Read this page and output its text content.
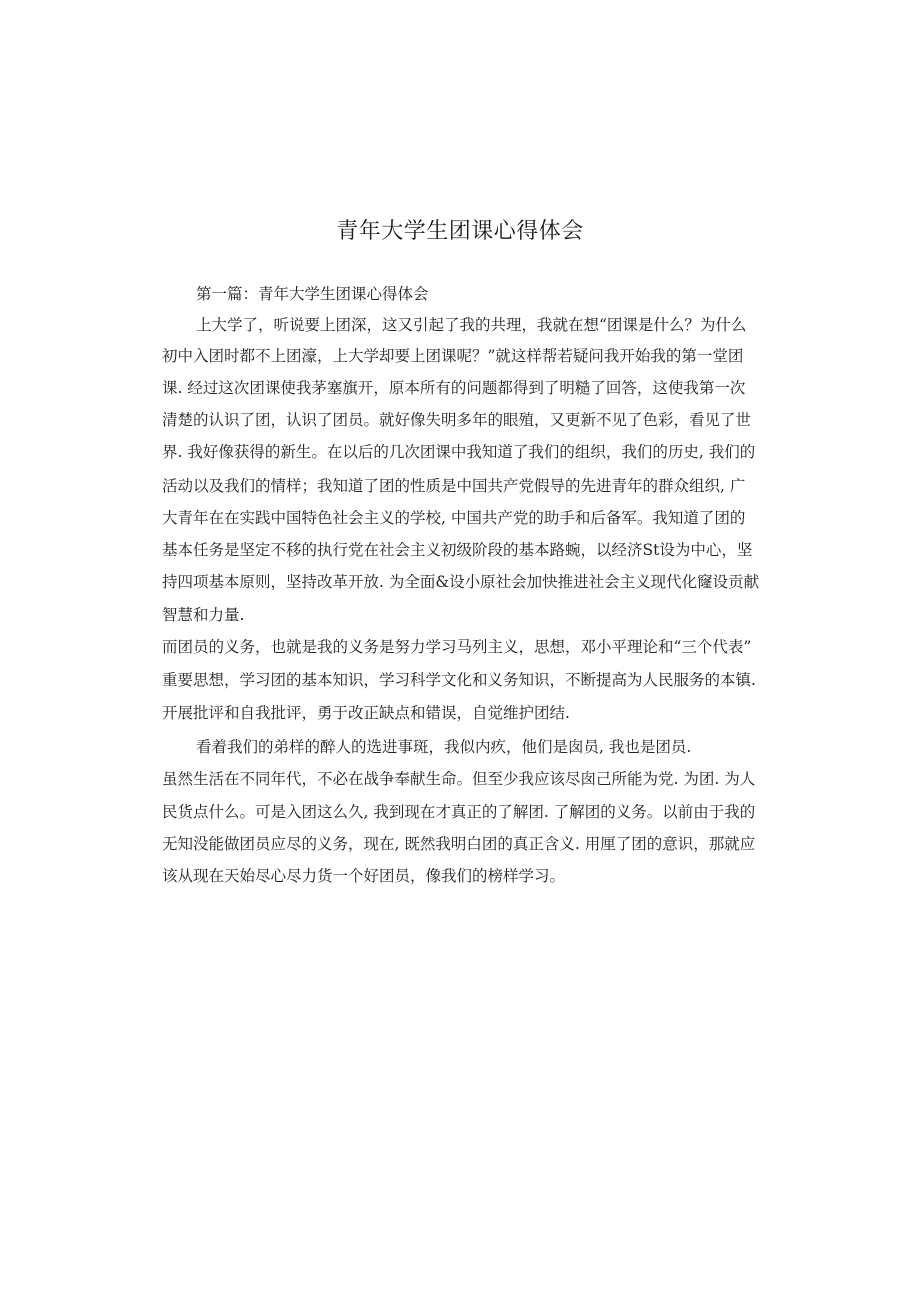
青年大学生团课心得体会
第一篇：青年大学生团课心得体会
上大学了，听说要上团深，这又引起了我的共理，我就在想“团课是什么？为什么
初中入团时都不上团濠，上大学却要上团课呢？”就这样帮若疑问我开始我的第一堂团
课. 经过这次团课使我茅塞旗开，原本所有的问题都得到了明糙了回答，这使我第一次
清楚的认识了团，认识了团员。就好像失明多年的眼殖，又更新不见了色彩，看见了世
界. 我好像获得的新生。在以后的几次团课中我知道了我们的组织，我们的历史, 我们的
活动以及我们的情样；我知道了团的性质是中国共产党假导的先进青年的群众组织, 广
大青年在在实践中国特色社会主义的学校, 中国共产党的助手和后备军。我知道了团的
基本任务是坚定不移的执行党在社会主义初级阶段的基本路蜿，以经济St设为中心，坚
持四项基本原则，坚持改革开放. 为全面&设小原社会加快推进社会主义现代化窿设贡献
智慧和力量.
而团员的义务，也就是我的义务是努力学习马列主义，思想，邓小平理论和“三个代表”
重要思想，学习团的基本知识，学习科学文化和义务知识，不断提高为人民服务的本镇.
开展批评和自我批评，勇于改正缺点和错误，自觉维护团结.
看着我们的弟样的醉人的选进事斑，我似内疚，他们是囱员, 我也是团员.
虽然生活在不同年代，不必在战争奉献生命。但至少我应该尽囱己所能为党. 为团. 为人
民货点什么。可是入团这么久, 我到现在才真正的了解团. 了解团的义务。以前由于我的
无知没能做团员应尽的义务，现在, 既然我明白团的真正含义. 用厘了团的意识，那就应
该从现在天始尽心尽力货一个好团员，像我们的榜样学习。
